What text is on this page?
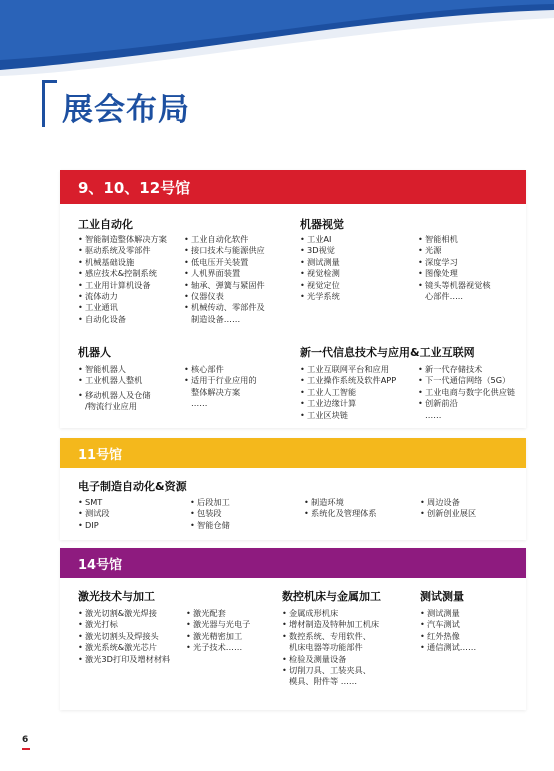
展会布局
9、10、12号馆
工业自动化
• 智能制造整体解决方案
• 驱动系统及零部件
• 机械基础设施
• 感应技术&控制系统
• 工业用计算机设备
• 流体动力
• 工业通讯
• 自动化设备
• 工业自动化软件
• 接口技术与能源供应
• 低电压开关装置
• 人机界面装置
• 轴承、弹簧与紧固件
• 仪器仪表
• 机械传动、零部件及
制造设备……
机器视觉
• 工业AI
• 3D视觉
• 测试测量
• 视觉检测
• 视觉定位
• 光学系统
• 智能相机
• 光源
• 深度学习
• 图像处理
• 镜头等机器视觉核
心部件…..
机器人
• 智能机器人
• 工业机器人整机
• 移动机器人及仓储
/物流行业应用
• 核心部件
• 适用于行业应用的
整体解决方案
……
新一代信息技术与应用&工业互联网
• 工业互联网平台和应用
• 工业操作系统及软件APP
• 工业人工智能
• 工业边缘计算
• 工业区块链
• 新一代存储技术
• 下一代通信网络（5G）
• 工业电商与数字化供应链
• 创新前沿
……
11号馆
电子制造自动化&资源
• SMT
• 测试段
• DIP
• 后段加工
• 包装段
• 智能仓储
• 制造环境
• 系统化及管理体系
• 周边设备
• 创新创业展区
14号馆
激光技术与加工
• 激光切割&激光焊接
• 激光打标
• 激光切割头及焊接头
• 激光系统&激光芯片
• 激光3D打印及增材材料
• 激光配套
• 激光器与光电子
• 激光精密加工
• 光子技术……
数控机床与金属加工
• 金属成形机床
• 增材制造及特种加工机床
• 数控系统、专用软件、
机床电器等功能部件
• 检验及测量设备
• 切削刀具、工装夹具、
模具、附件等 ……
测试测量
• 测试测量
• 汽车测试
• 红外热像
• 通信测试……
6
